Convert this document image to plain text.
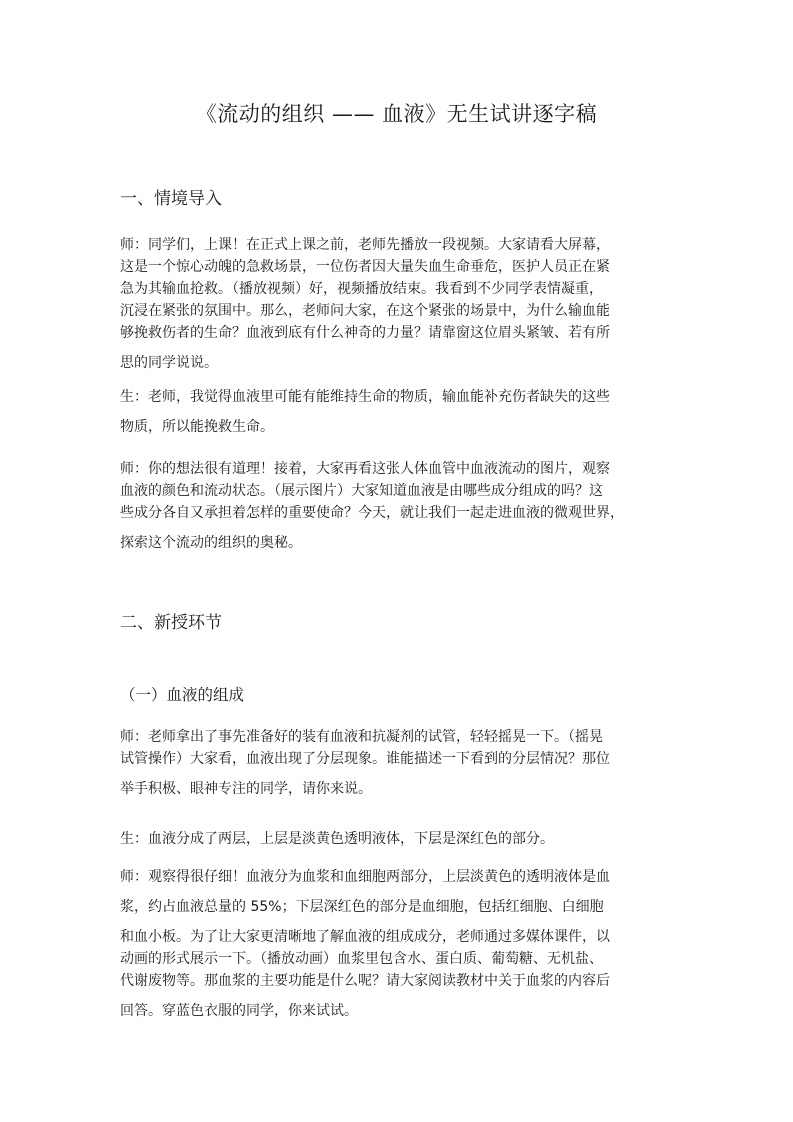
《流动的组织 —— 血液》无生试讲逐字稿
一、情境导入

师：同学们，上课！在正式上课之前，老师先播放一段视频。大家请看大屏幕，
这是一个惊心动魄的急救场景，一位伤者因大量失血生命垂危，医护人员正在紧
急为其输血抢救。（播放视频）好，视频播放结束。我看到不少同学表情凝重，
沉浸在紧张的氛围中。那么，老师问大家，在这个紧张的场景中，为什么输血能
够挽救伤者的生命？血液到底有什么神奇的力量？请靠窗这位眉头紧皱、若有所
思的同学说说。

生：老师，我觉得血液里可能有能维持生命的物质，输血能补充伤者缺失的这些
物质，所以能挽救生命。

师：你的想法很有道理！接着，大家再看这张人体血管中血液流动的图片，观察
血液的颜色和流动状态。（展示图片）大家知道血液是由哪些成分组成的吗？这
些成分各自又承担着怎样的重要使命？今天，就让我们一起走进血液的微观世界，
探索这个流动的组织的奥秘。

二、新授环节
（一）血液的组成

师：老师拿出了事先准备好的装有血液和抗凝剂的试管，轻轻摇晃一下。（摇晃
试管操作）大家看，血液出现了分层现象。谁能描述一下看到的分层情况？那位
举手积极、眼神专注的同学，请你来说。

生：血液分成了两层，上层是淡黄色透明液体，下层是深红色的部分。

师：观察得很仔细！血液分为血浆和血细胞两部分，上层淡黄色的透明液体是血
浆，约占血液总量的 55%；下层深红色的部分是血细胞，包括红细胞、白细胞
和血小板。为了让大家更清晰地了解血液的组成成分，老师通过多媒体课件，以
动画的形式展示一下。（播放动画）血浆里包含水、蛋白质、葡萄糖、无机盐、
代谢废物等。那血浆的主要功能是什么呢？请大家阅读教材中关于血浆的内容后
回答。穿蓝色衣服的同学，你来试试。
